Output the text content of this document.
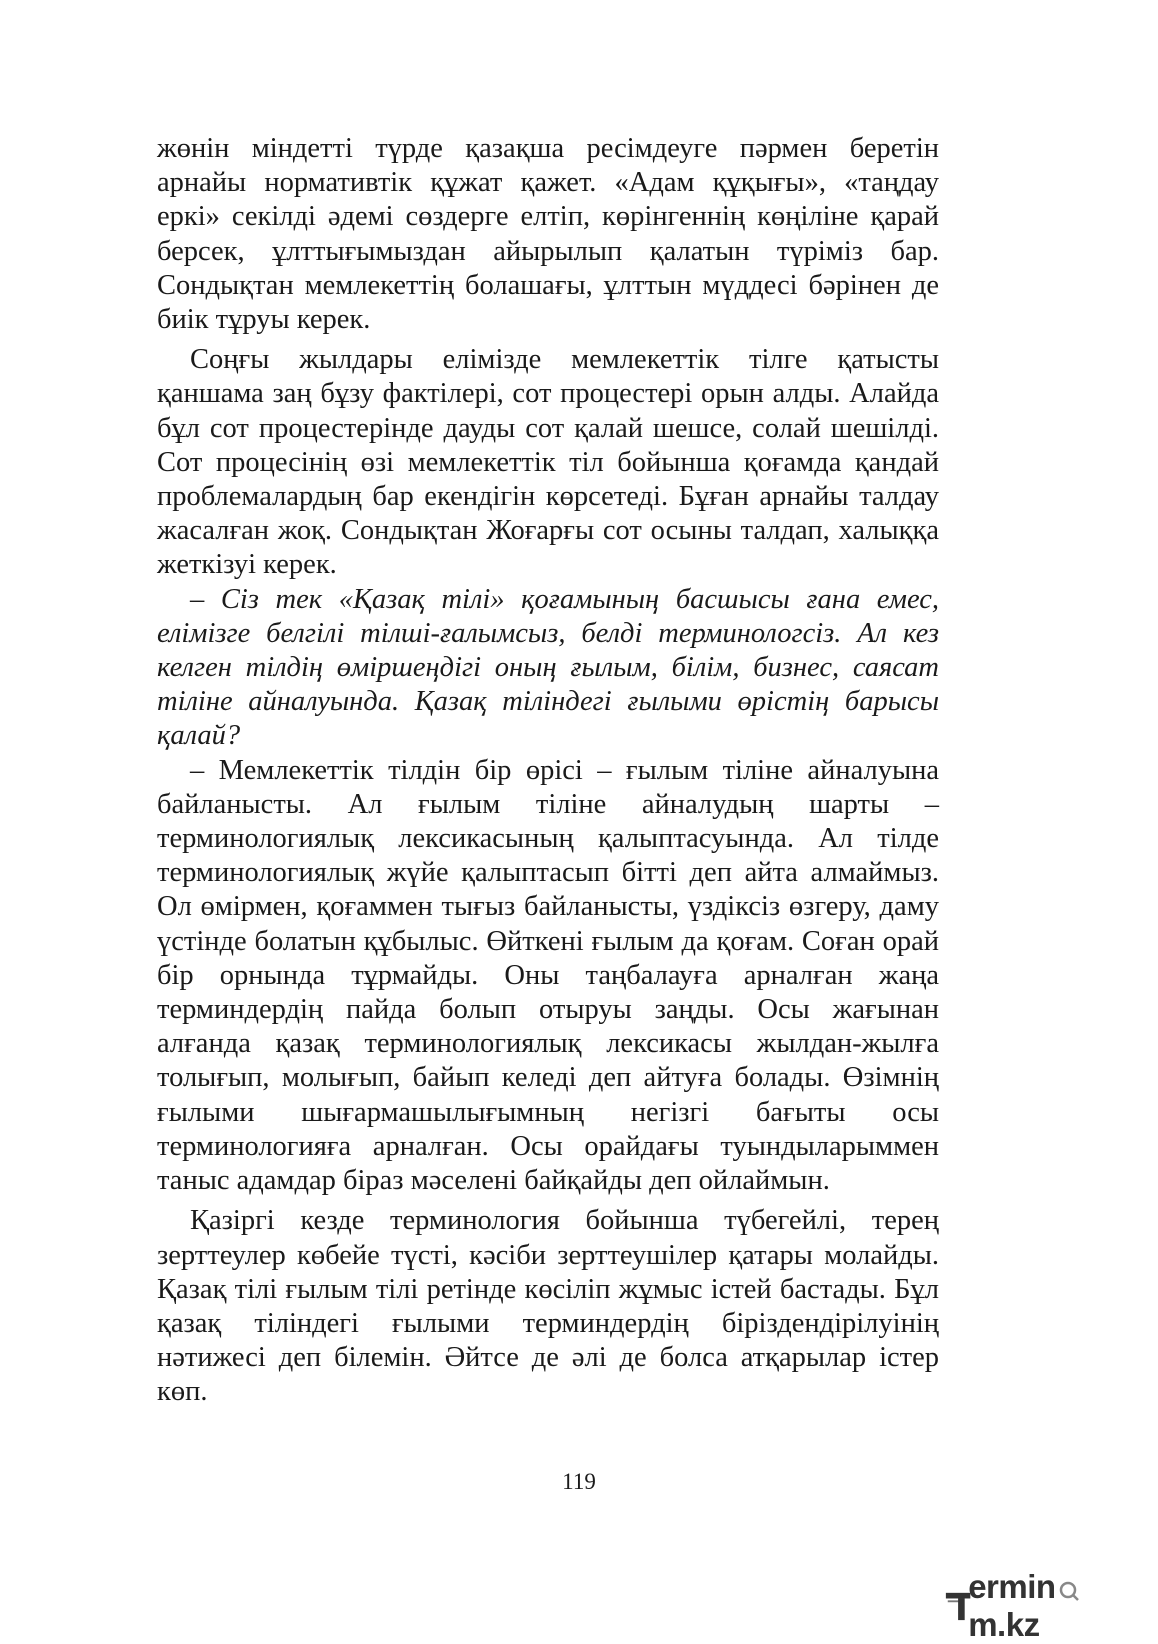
жөнін міндетті түрде қазақша ресімдеуге пәрмен беретін арнайы нормативтік құжат қажет. «Адам құқығы», «таңдау еркі» секілді әдемі сөздерге елтіп, көрінгеннің көңіліне қарай берсек, ұлттығымыздан айырылып қалатын түріміз бар. Сондықтан мемлекеттің болашағы, ұлттын мүддесі бәрінен де биік тұруы керек.

Соңғы жылдары елімізде мемлекеттік тілге қатысты қаншама заң бұзу фактілері, сот процестері орын алды. Алайда бұл сот процестерінде дауды сот қалай шешсе, солай шешілді. Сот процесінің өзі мемлекеттік тіл бойынша қоғамда қандай проблемалардың бар екендігін көрсетеді. Бұған арнайы талдау жасалған жоқ. Сондықтан Жоғарғы сот осыны талдап, халыққа жеткізуі керек.

– Сіз тек «Қазақ тілі» қоғамының басшысы ғана емес, елімізге белгілі тілші-ғалымсыз, белді терминологсіз. Ал кез келген тілдің өміршеңдігі оның ғылым, білім, бизнес, саясат тіліне айналуында. Қазақ тіліндегі ғылыми өрістің барысы қалай?

– Мемлекеттік тілдін бір өрісі – ғылым тіліне айналуына байланысты. Ал ғылым тіліне айналудың шарты – терминологиялық лексикасының қалыптасуында. Ал тілде терминологиялық жүйе қалыптасып бітті деп айта алмаймыз. Ол өмірмен, қоғаммен тығыз байланысты, үздіксіз өзгеру, даму үстінде болатын құбылыс. Өйткені ғылым да қоғам. Соған орай бір орнында тұрмайды. Оны таңбалауға арналған жаңа терминдердің пайда болып отыруы заңды. Осы жағынан алғанда қазақ терминологиялық лексикасы жылдан-жылға толығып, молығып, байып келеді деп айтуға болады. Өзімнің ғылыми шығармашылығымның негізгі бағыты осы терминологияға арналған. Осы орайдағы туындыларыммен таныс адамдар біраз мәселені байқайды деп ойлаймын.

Қазіргі кезде терминология бойынша түбегейлі, терең зерттеулер көбейе түсті, кәсіби зерттеушілер қатары молайды. Қазақ тілі ғылым тілі ретінде көсіліп жұмыс істей бастады. Бұл қазақ тіліндегі ғылыми терминдердің біріздендірілуінің нәтижесі деп білемін. Әйтсе де әлі де болса атқарылар істер көп.

119
erminm.kz
